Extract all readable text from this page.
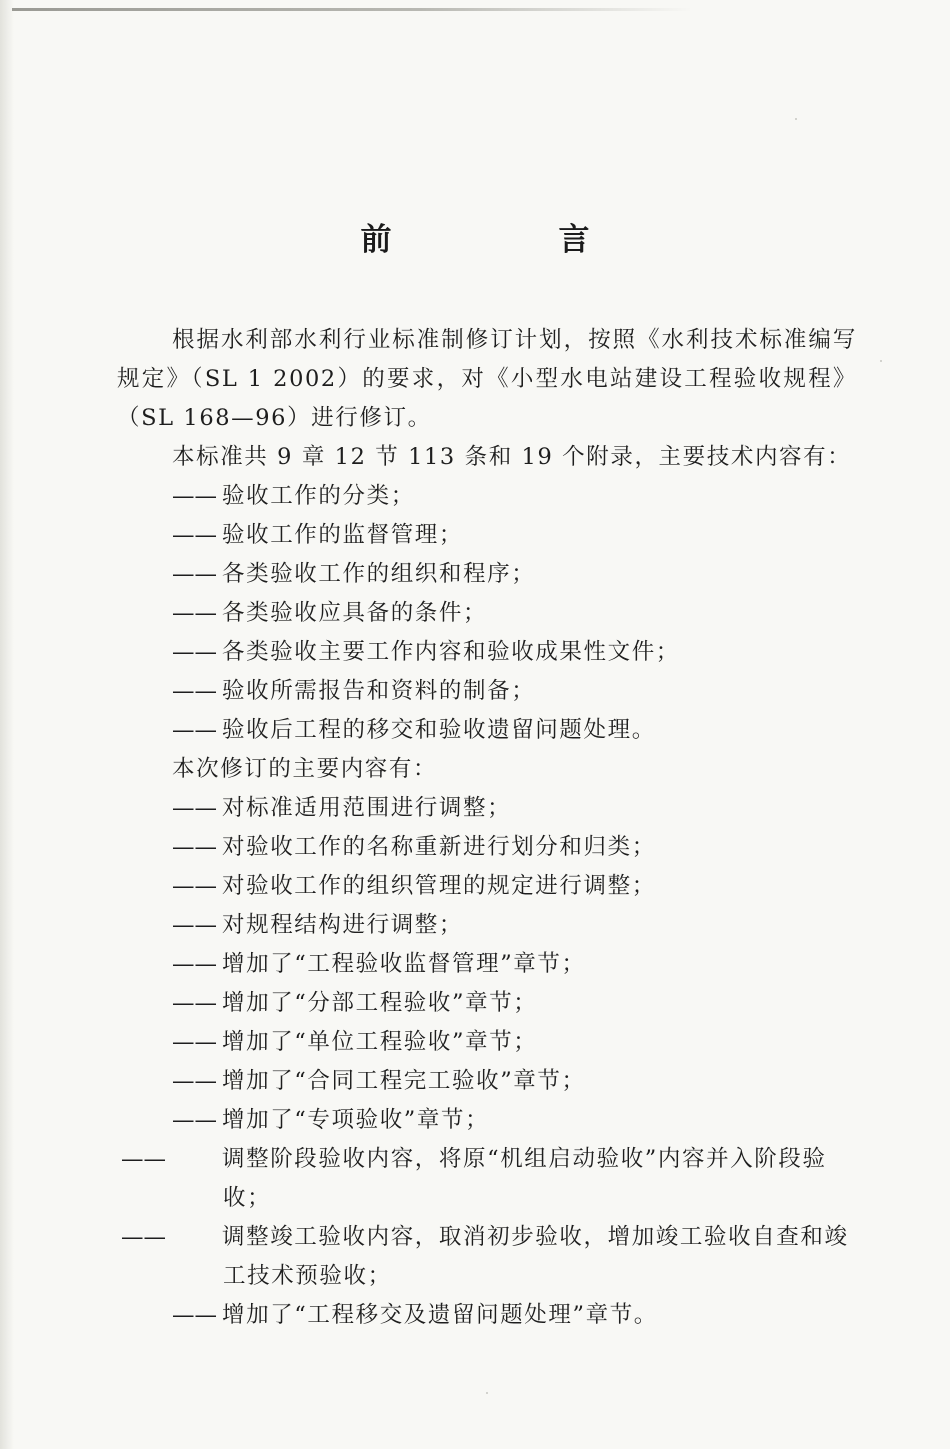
前　言

根据水利部水利行业标准制修订计划，按照《水利技术标准编写规定》（SL 1 2002）的要求，对《小型水电站建设工程验收规程》（SL 168—96）进行修订。

本标准共 9 章 12 节 113 条和 19 个附录，主要技术内容有：

—— 验收工作的分类；

—— 验收工作的监督管理；

—— 各类验收工作的组织和程序；

—— 各类验收应具备的条件；

—— 各类验收主要工作内容和验收成果性文件；

—— 验收所需报告和资料的制备；

—— 验收后工程的移交和验收遗留问题处理。

本次修订的主要内容有：

—— 对标准适用范围进行调整；

—— 对验收工作的名称重新进行划分和归类；

—— 对验收工作的组织管理的规定进行调整；

—— 对规程结构进行调整；

—— 增加了“工程验收监督管理”章节；

—— 增加了“分部工程验收”章节；

—— 增加了“单位工程验收”章节；

—— 增加了“合同工程完工验收”章节；

—— 增加了“专项验收”章节；

—— 调整阶段验收内容，将原“机组启动验收”内容并入阶段验收；

—— 调整竣工验收内容，取消初步验收，增加竣工验收自查和竣工技术预验收；

—— 增加了“工程移交及遗留问题处理”章节。
